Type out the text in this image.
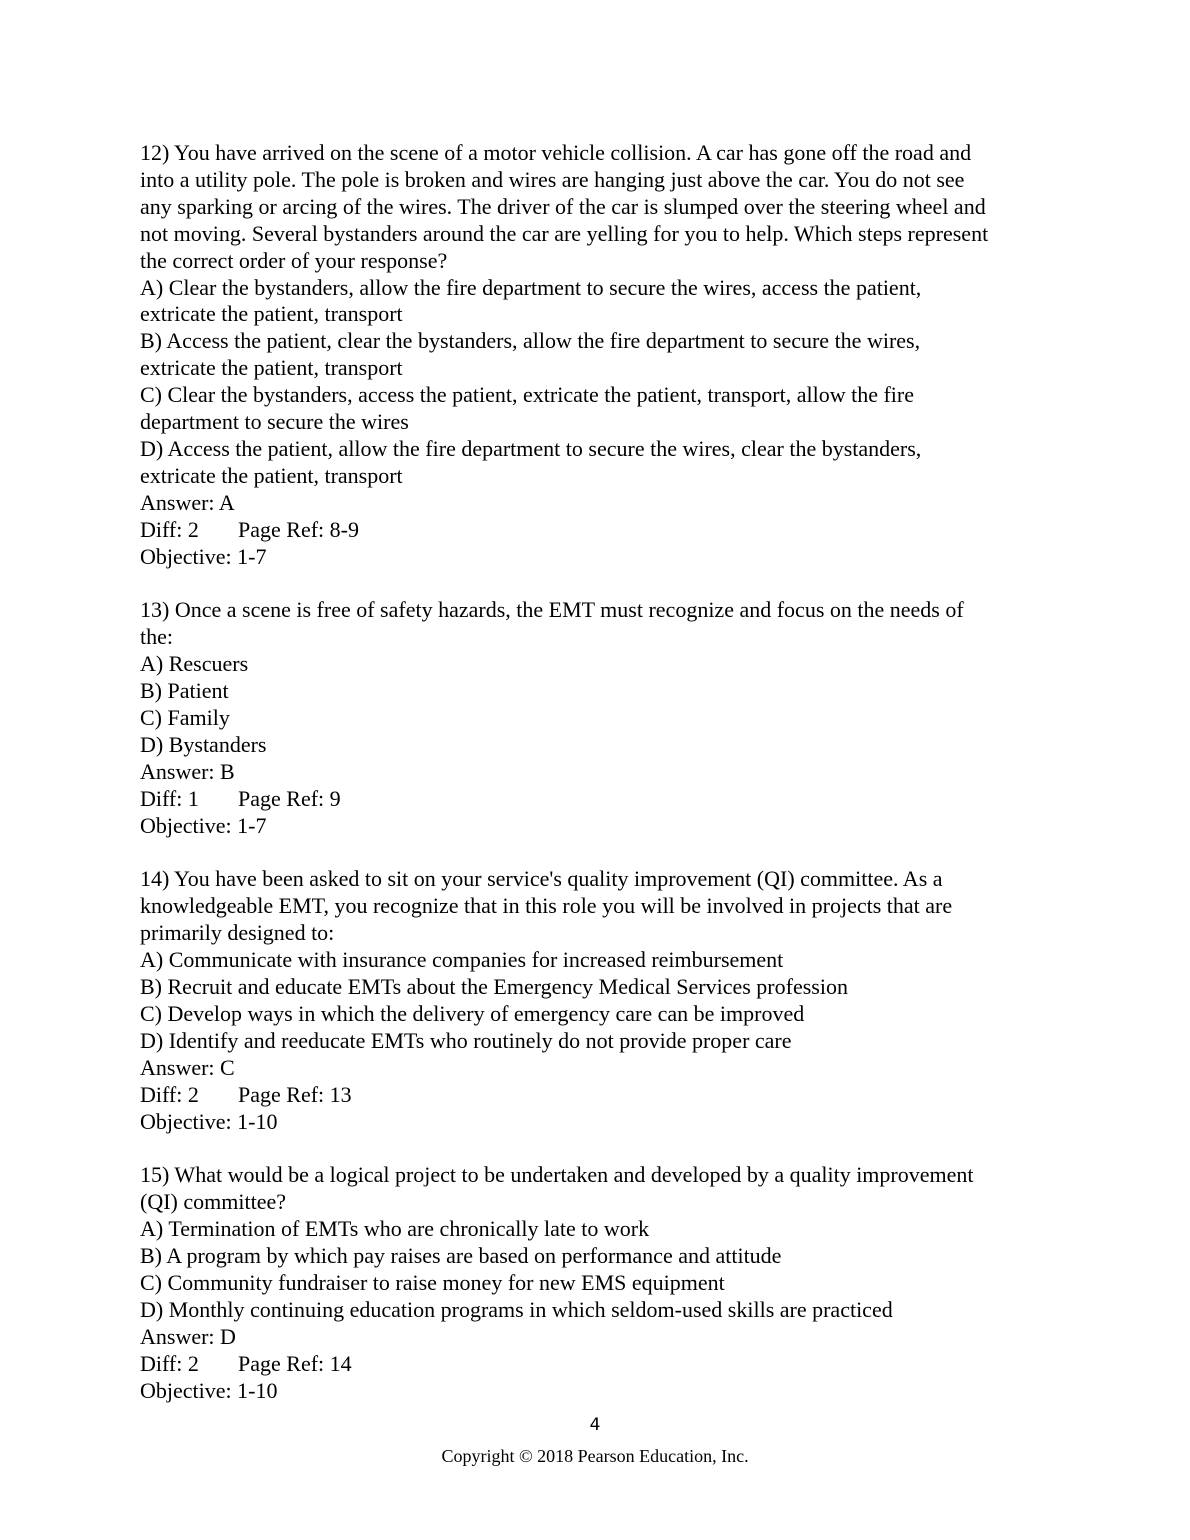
12) You have arrived on the scene of a motor vehicle collision. A car has gone off the road and
into a utility pole. The pole is broken and wires are hanging just above the car. You do not see
any sparking or arcing of the wires. The driver of the car is slumped over the steering wheel and
not moving. Several bystanders around the car are yelling for you to help. Which steps represent
the correct order of your response?
A) Clear the bystanders, allow the fire department to secure the wires, access the patient,
extricate the patient, transport
B) Access the patient, clear the bystanders, allow the fire department to secure the wires,
extricate the patient, transport
C) Clear the bystanders, access the patient, extricate the patient, transport, allow the fire
department to secure the wires
D) Access the patient, allow the fire department to secure the wires, clear the bystanders,
extricate the patient, transport
Answer: A
Diff: 2 Page Ref: 8-9
Objective: 1-7
13) Once a scene is free of safety hazards, the EMT must recognize and focus on the needs of
the:
A) Rescuers
B) Patient
C) Family
D) Bystanders
Answer: B
Diff: 1 Page Ref: 9
Objective: 1-7
14) You have been asked to sit on your service's quality improvement (QI) committee. As a
knowledgeable EMT, you recognize that in this role you will be involved in projects that are
primarily designed to:
A) Communicate with insurance companies for increased reimbursement
B) Recruit and educate EMTs about the Emergency Medical Services profession
C) Develop ways in which the delivery of emergency care can be improved
D) Identify and reeducate EMTs who routinely do not provide proper care
Answer: C
Diff: 2 Page Ref: 13
Objective: 1-10
15) What would be a logical project to be undertaken and developed by a quality improvement
(QI) committee?
A) Termination of EMTs who are chronically late to work
B) A program by which pay raises are based on performance and attitude
C) Community fundraiser to raise money for new EMS equipment
D) Monthly continuing education programs in which seldom-used skills are practiced
Answer: D
Diff: 2 Page Ref: 14
Objective: 1-10
4
Copyright © 2018 Pearson Education, Inc.
